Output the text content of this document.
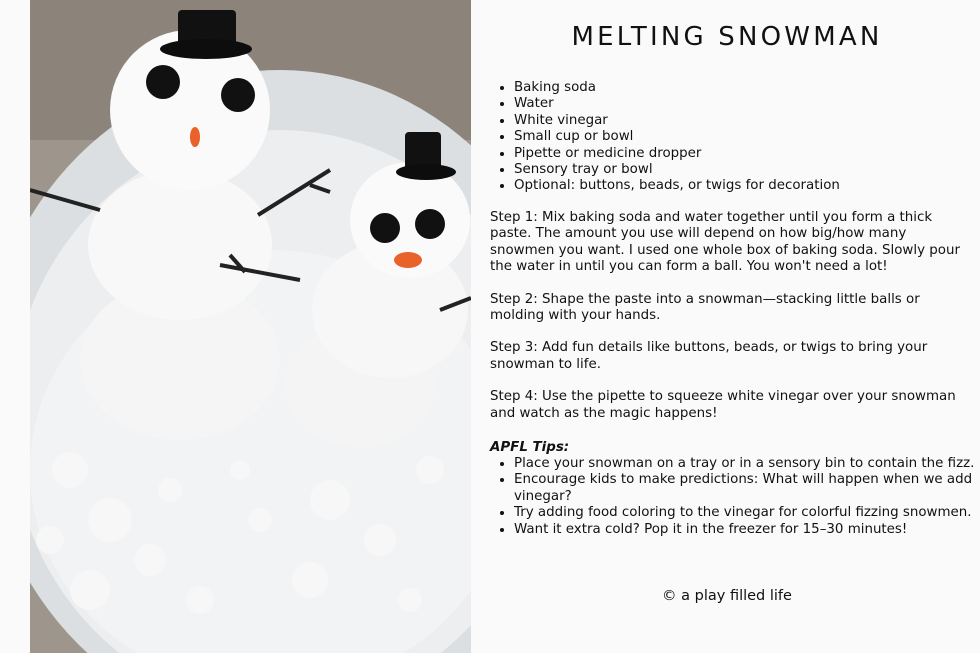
MELTING SNOWMAN
• Baking soda
• Water
• White vinegar
• Small cup or bowl
• Pipette or medicine dropper
• Sensory tray or bowl
• Optional: buttons, beads, or twigs for decoration

Step 1: Mix baking soda and water together until you form a thick paste. The amount you use will depend on how big/how many snowmen you want. I used one whole box of baking soda. Slowly pour the water in until you can form a ball. You won't need a lot!

Step 2: Shape the paste into a snowman—stacking little balls or molding with your hands.

Step 3: Add fun details like buttons, beads, or twigs to bring your snowman to life.

Step 4: Use the pipette to squeeze white vinegar over your snowman and watch as the magic happens!

APFL Tips:

• Place your snowman on a tray or in a sensory bin to contain the fizz.
• Encourage kids to make predictions: What will happen when we add vinegar?
• Try adding food coloring to the vinegar for colorful fizzing snowmen.
• Want it extra cold? Pop it in the freezer for 15–30 minutes!

© a play filled life
